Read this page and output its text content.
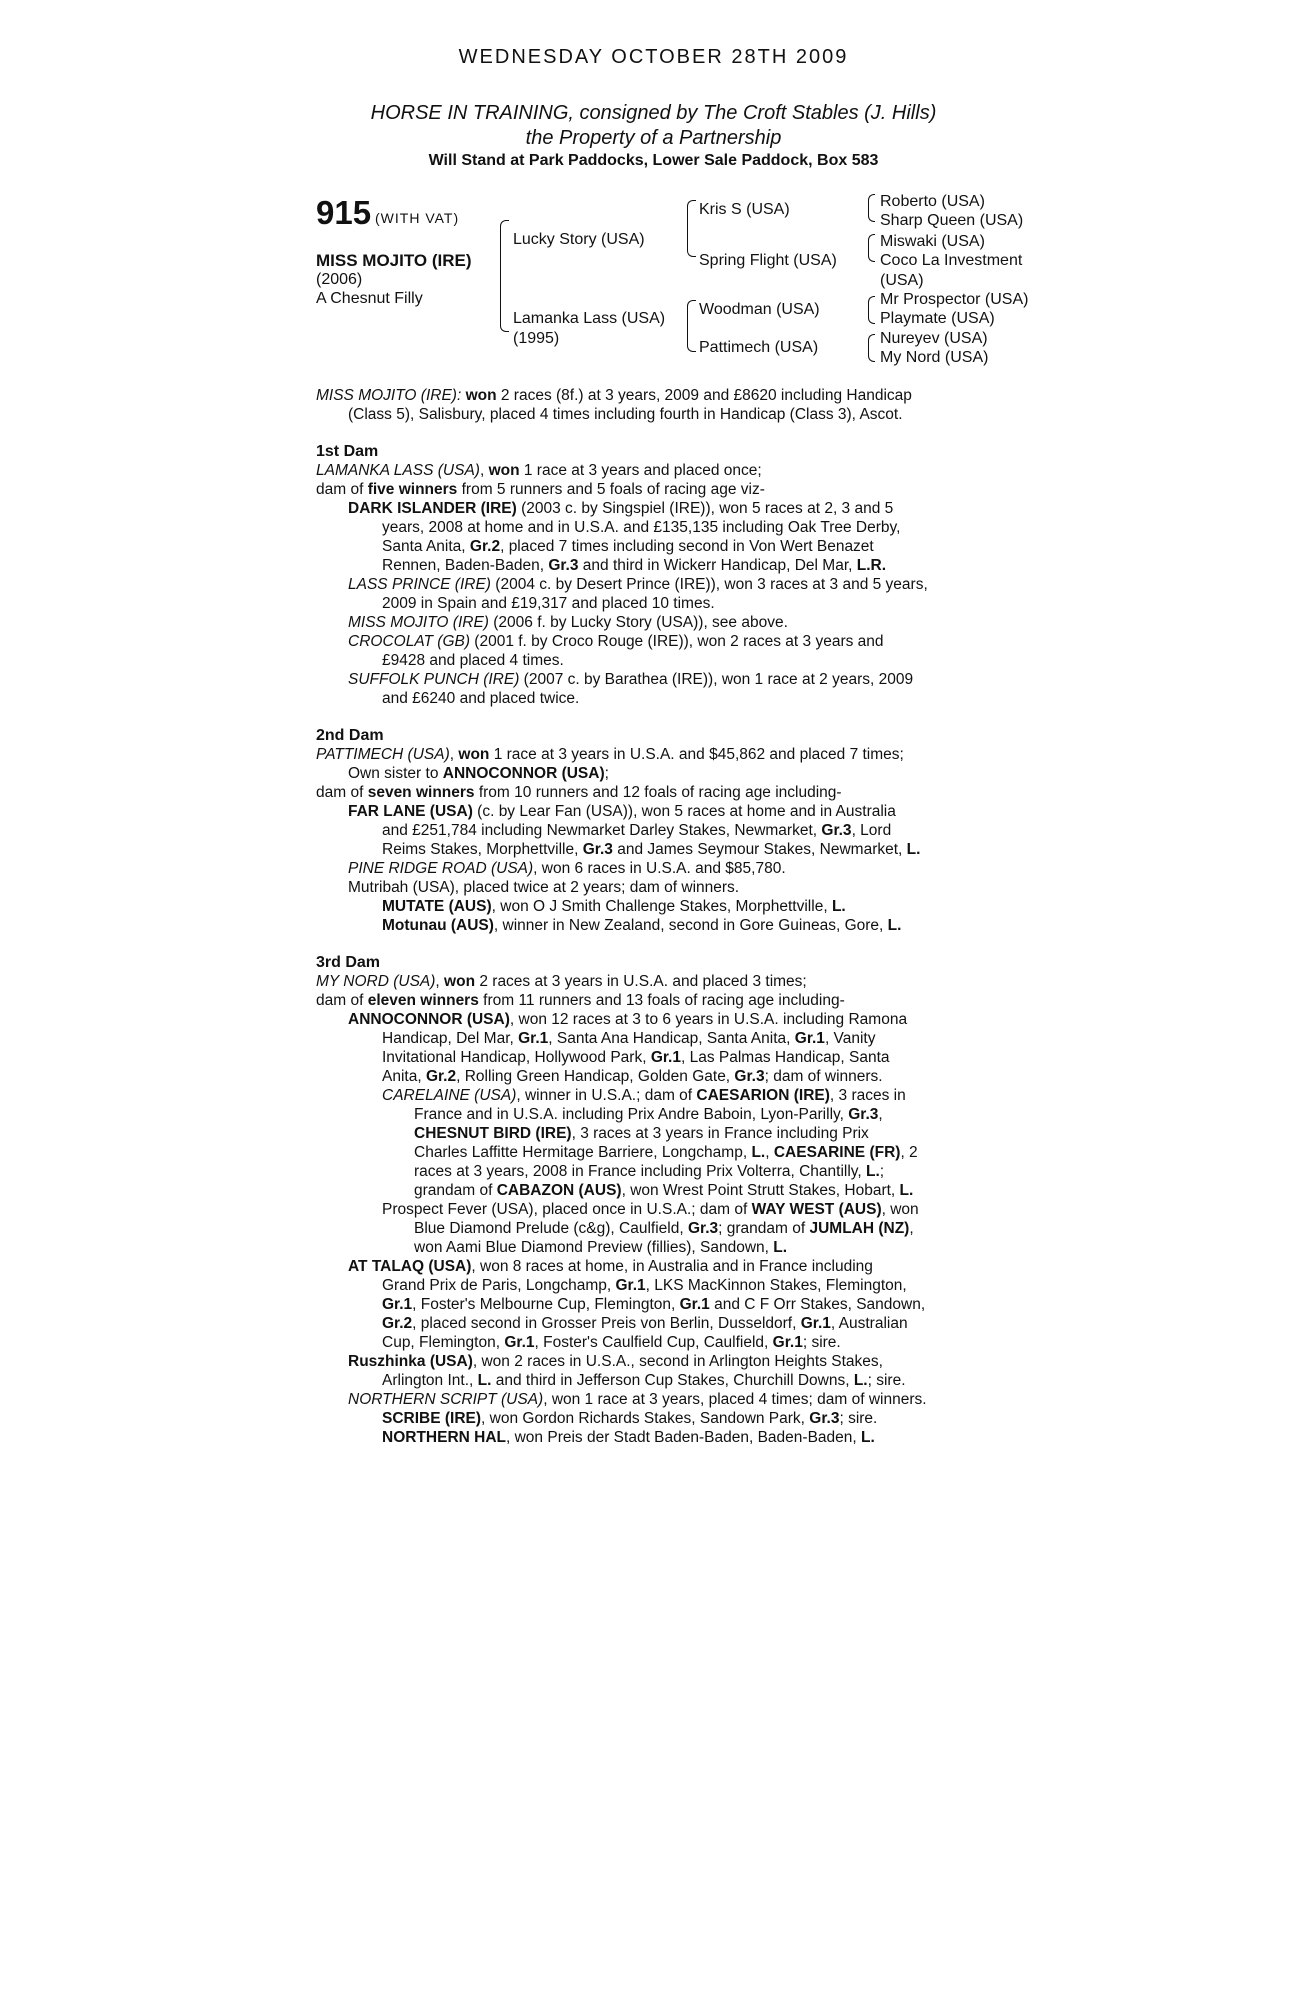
WEDNESDAY OCTOBER 28TH 2009
HORSE IN TRAINING, consigned by The Croft Stables (J. Hills)
the Property of a Partnership
Will Stand at Park Paddocks, Lower Sale Paddock, Box 583
915 (WITH VAT)
MISS MOJITO (IRE)
(2006)
A Chesnut Filly
Lucky Story (USA)
Lamanka Lass (USA)
(1995)
Kris S (USA)
Spring Flight (USA)
Woodman (USA)
Pattimech (USA)
Roberto (USA)
Sharp Queen (USA)
Miswaki (USA)
Coco La Investment
(USA)
Mr Prospector (USA)
Playmate (USA)
Nureyev (USA)
My Nord (USA)
MISS MOJITO (IRE): won 2 races (8f.) at 3 years, 2009 and £8620 including Handicap
(Class 5), Salisbury, placed 4 times including fourth in Handicap (Class 3), Ascot.
1st Dam
LAMANKA LASS (USA), won 1 race at 3 years and placed once;
dam of five winners from 5 runners and 5 foals of racing age viz-
DARK ISLANDER (IRE) (2003 c. by Singspiel (IRE)), won 5 races at 2, 3 and 5
years, 2008 at home and in U.S.A. and £135,135 including Oak Tree Derby,
Santa Anita, Gr.2, placed 7 times including second in Von Wert Benazet
Rennen, Baden-Baden, Gr.3 and third in Wickerr Handicap, Del Mar, L.R.
LASS PRINCE (IRE) (2004 c. by Desert Prince (IRE)), won 3 races at 3 and 5 years,
2009 in Spain and £19,317 and placed 10 times.
MISS MOJITO (IRE) (2006 f. by Lucky Story (USA)), see above.
CROCOLAT (GB) (2001 f. by Croco Rouge (IRE)), won 2 races at 3 years and
£9428 and placed 4 times.
SUFFOLK PUNCH (IRE) (2007 c. by Barathea (IRE)), won 1 race at 2 years, 2009
and £6240 and placed twice.
2nd Dam
PATTIMECH (USA), won 1 race at 3 years in U.S.A. and $45,862 and placed 7 times;
Own sister to ANNOCONNOR (USA);
dam of seven winners from 10 runners and 12 foals of racing age including-
FAR LANE (USA) (c. by Lear Fan (USA)), won 5 races at home and in Australia
and £251,784 including Newmarket Darley Stakes, Newmarket, Gr.3, Lord
Reims Stakes, Morphettville, Gr.3 and James Seymour Stakes, Newmarket, L.
PINE RIDGE ROAD (USA), won 6 races in U.S.A. and $85,780.
Mutribah (USA), placed twice at 2 years; dam of winners.
MUTATE (AUS), won O J Smith Challenge Stakes, Morphettville, L.
Motunau (AUS), winner in New Zealand, second in Gore Guineas, Gore, L.
3rd Dam
MY NORD (USA), won 2 races at 3 years in U.S.A. and placed 3 times;
dam of eleven winners from 11 runners and 13 foals of racing age including-
ANNOCONNOR (USA), won 12 races at 3 to 6 years in U.S.A. including Ramona
Handicap, Del Mar, Gr.1, Santa Ana Handicap, Santa Anita, Gr.1, Vanity
Invitational Handicap, Hollywood Park, Gr.1, Las Palmas Handicap, Santa
Anita, Gr.2, Rolling Green Handicap, Golden Gate, Gr.3; dam of winners.
CARELAINE (USA), winner in U.S.A.; dam of CAESARION (IRE), 3 races in
France and in U.S.A. including Prix Andre Baboin, Lyon-Parilly, Gr.3,
CHESNUT BIRD (IRE), 3 races at 3 years in France including Prix
Charles Laffitte Hermitage Barriere, Longchamp, L., CAESARINE (FR), 2
races at 3 years, 2008 in France including Prix Volterra, Chantilly, L.;
grandam of CABAZON (AUS), won Wrest Point Strutt Stakes, Hobart, L.
Prospect Fever (USA), placed once in U.S.A.; dam of WAY WEST (AUS), won
Blue Diamond Prelude (c&g), Caulfield, Gr.3; grandam of JUMLAH (NZ),
won Aami Blue Diamond Preview (fillies), Sandown, L.
AT TALAQ (USA), won 8 races at home, in Australia and in France including
Grand Prix de Paris, Longchamp, Gr.1, LKS MacKinnon Stakes, Flemington,
Gr.1, Foster's Melbourne Cup, Flemington, Gr.1 and C F Orr Stakes, Sandown,
Gr.2, placed second in Grosser Preis von Berlin, Dusseldorf, Gr.1, Australian
Cup, Flemington, Gr.1, Foster's Caulfield Cup, Caulfield, Gr.1; sire.
Ruszhinka (USA), won 2 races in U.S.A., second in Arlington Heights Stakes,
Arlington Int., L. and third in Jefferson Cup Stakes, Churchill Downs, L.; sire.
NORTHERN SCRIPT (USA), won 1 race at 3 years, placed 4 times; dam of winners.
SCRIBE (IRE), won Gordon Richards Stakes, Sandown Park, Gr.3; sire.
NORTHERN HAL, won Preis der Stadt Baden-Baden, Baden-Baden, L.
